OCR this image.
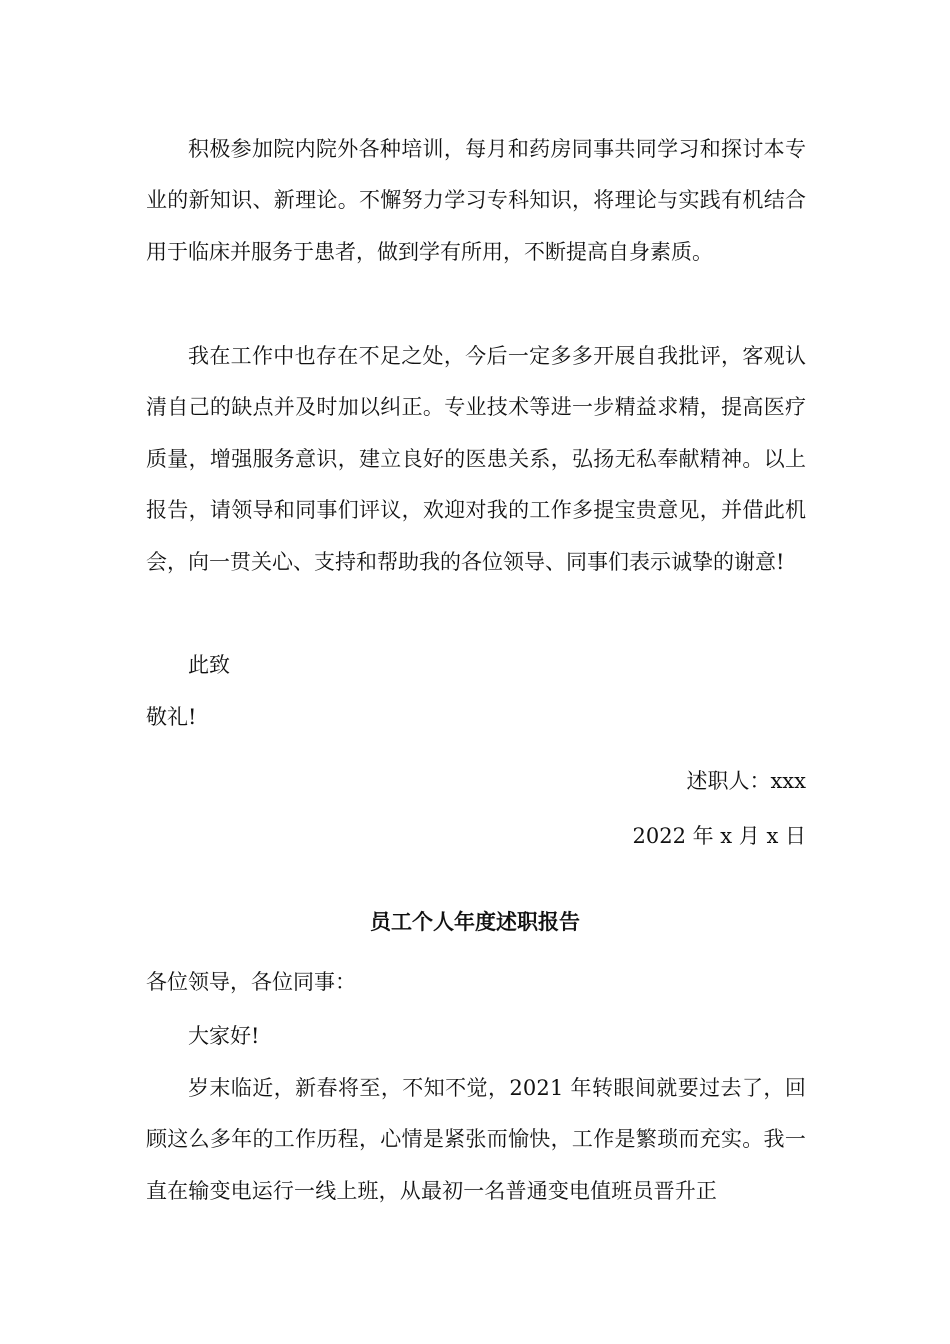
积极参加院内院外各种培训，每月和药房同事共同学习和探讨本专业的新知识、新理论。不懈努力学习专科知识，将理论与实践有机结合用于临床并服务于患者，做到学有所用，不断提高自身素质。

我在工作中也存在不足之处，今后一定多多开展自我批评，客观认清自己的缺点并及时加以纠正。专业技术等进一步精益求精，提高医疗质量，增强服务意识，建立良好的医患关系，弘扬无私奉献精神。以上报告，请领导和同事们评议，欢迎对我的工作多提宝贵意见，并借此机会，向一贯关心、支持和帮助我的各位领导、同事们表示诚挚的谢意!

此致

敬礼!

述职人：xxx
2022 年 x 月 x 日
员工个人年度述职报告
各位领导，各位同事：

大家好!

岁末临近，新春将至，不知不觉，2021 年转眼间就要过去了，回顾这么多年的工作历程，心情是紧张而愉快，工作是繁琐而充实。我一直在输变电运行一线上班，从最初一名普通变电值班员晋升正
